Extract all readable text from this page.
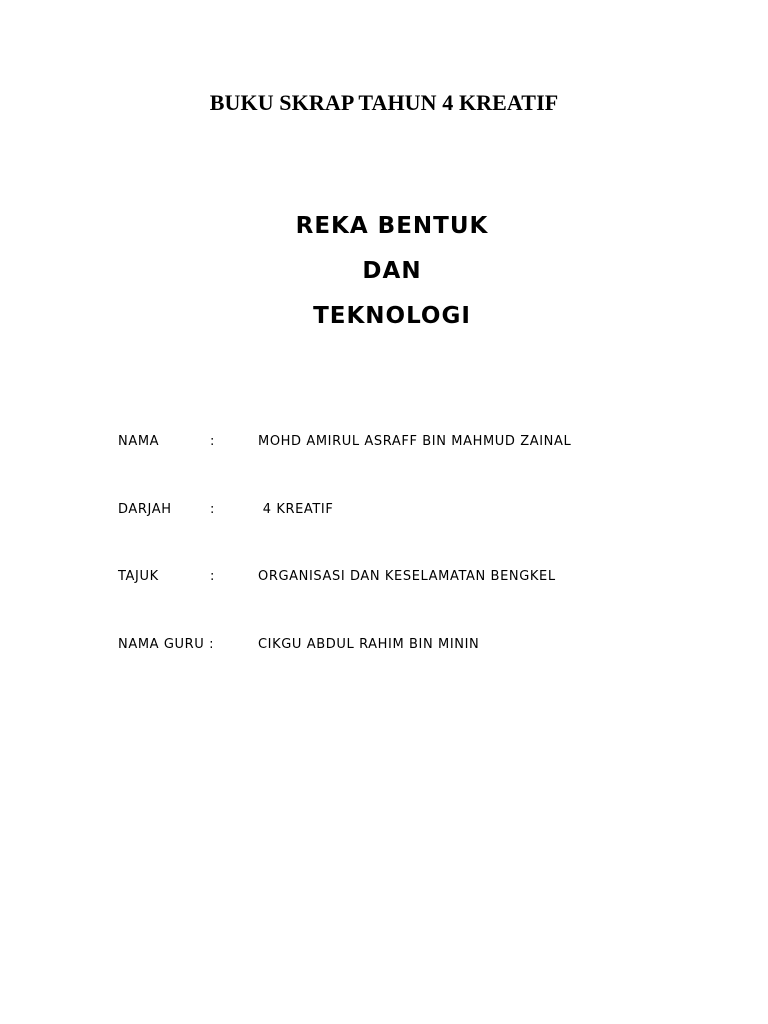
BUKU SKRAP TAHUN 4 KREATIF
REKA BENTUK
DAN
TEKNOLOGI
NAMA	:	MOHD AMIRUL ASRAFF BIN MAHMUD ZAINAL
DARJAH	:	4 KREATIF
TAJUK	:	ORGANISASI DAN KESELAMATAN BENGKEL
NAMA GURU :	CIKGU ABDUL RAHIM BIN MININ
